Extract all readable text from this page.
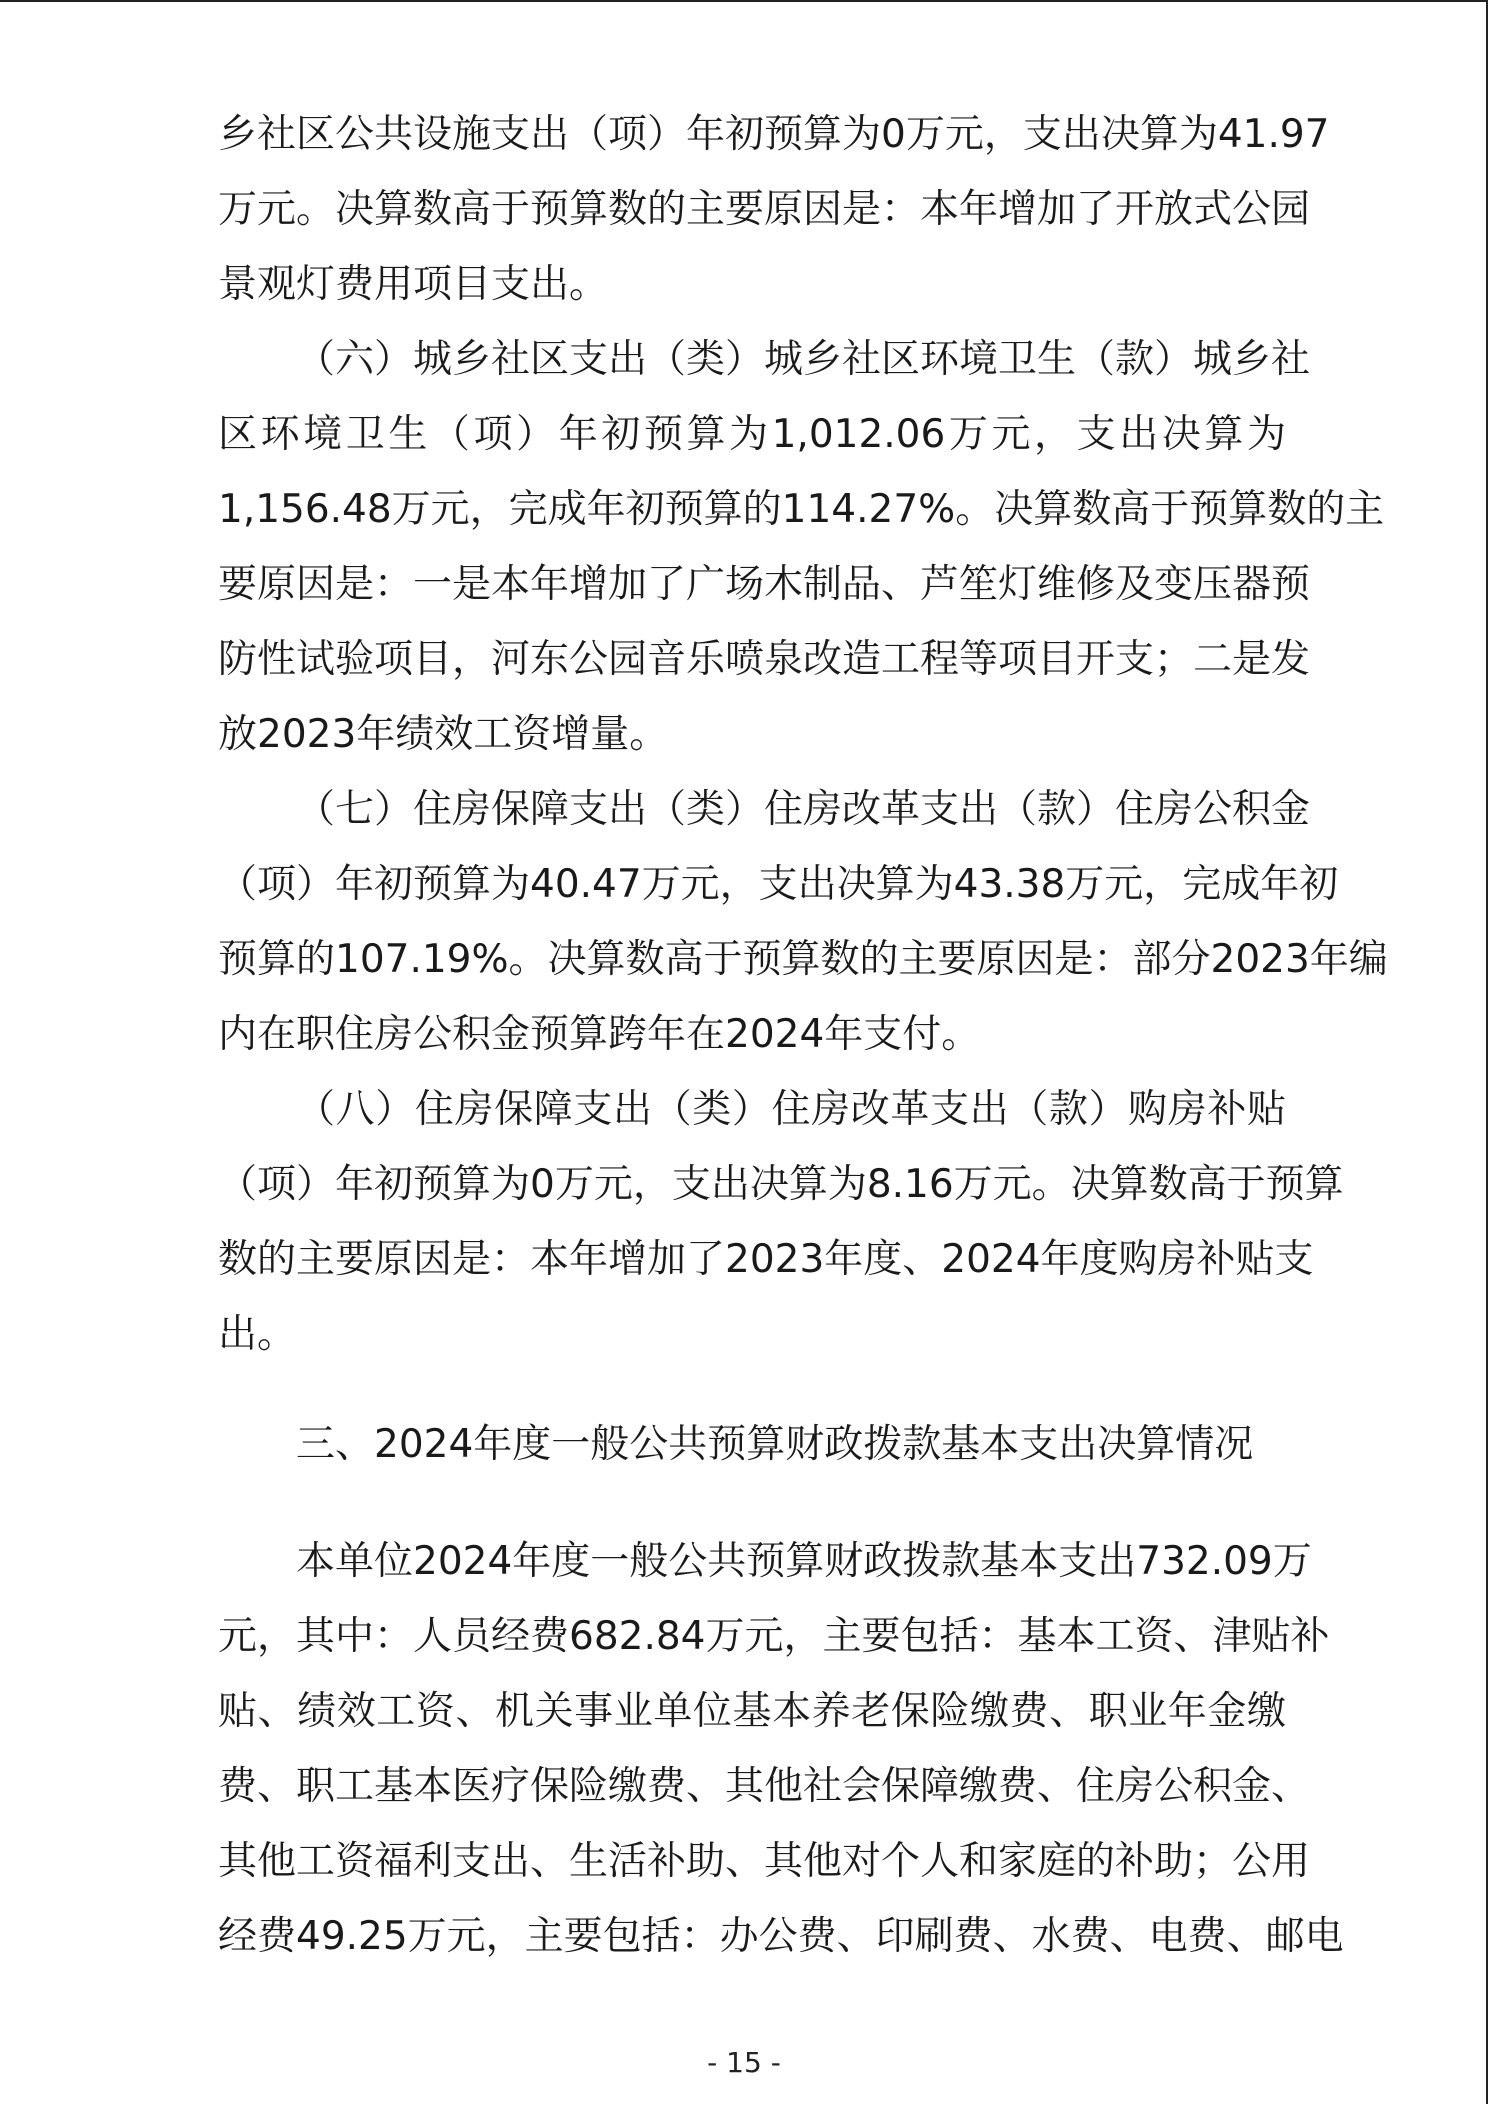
乡社区公共设施支出（项）年初预算为0万元，支出决算为41.97
万元。决算数高于预算数的主要原因是：本年增加了开放式公园
景观灯费用项目支出。
（六）城乡社区支出（类）城乡社区环境卫生（款）城乡社
区环境卫生（项）年初预算为1,012.06万元，支出决算为
1,156.48万元，完成年初预算的114.27%。决算数高于预算数的主
要原因是：一是本年增加了广场木制品、芦笙灯维修及变压器预
防性试验项目，河东公园音乐喷泉改造工程等项目开支；二是发
放2023年绩效工资增量。
（七）住房保障支出（类）住房改革支出（款）住房公积金
（项）年初预算为40.47万元，支出决算为43.38万元，完成年初
预算的107.19%。决算数高于预算数的主要原因是：部分2023年编
内在职住房公积金预算跨年在2024年支付。
（八）住房保障支出（类）住房改革支出（款）购房补贴
（项）年初预算为0万元，支出决算为8.16万元。决算数高于预算
数的主要原因是：本年增加了2023年度、2024年度购房补贴支
出。
三、2024年度一般公共预算财政拨款基本支出决算情况
本单位2024年度一般公共预算财政拨款基本支出732.09万
元，其中：人员经费682.84万元，主要包括：基本工资、津贴补
贴、绩效工资、机关事业单位基本养老保险缴费、职业年金缴
费、职工基本医疗保险缴费、其他社会保障缴费、住房公积金、
其他工资福利支出、生活补助、其他对个人和家庭的补助；公用
经费49.25万元，主要包括：办公费、印刷费、水费、电费、邮电
- 15 -
